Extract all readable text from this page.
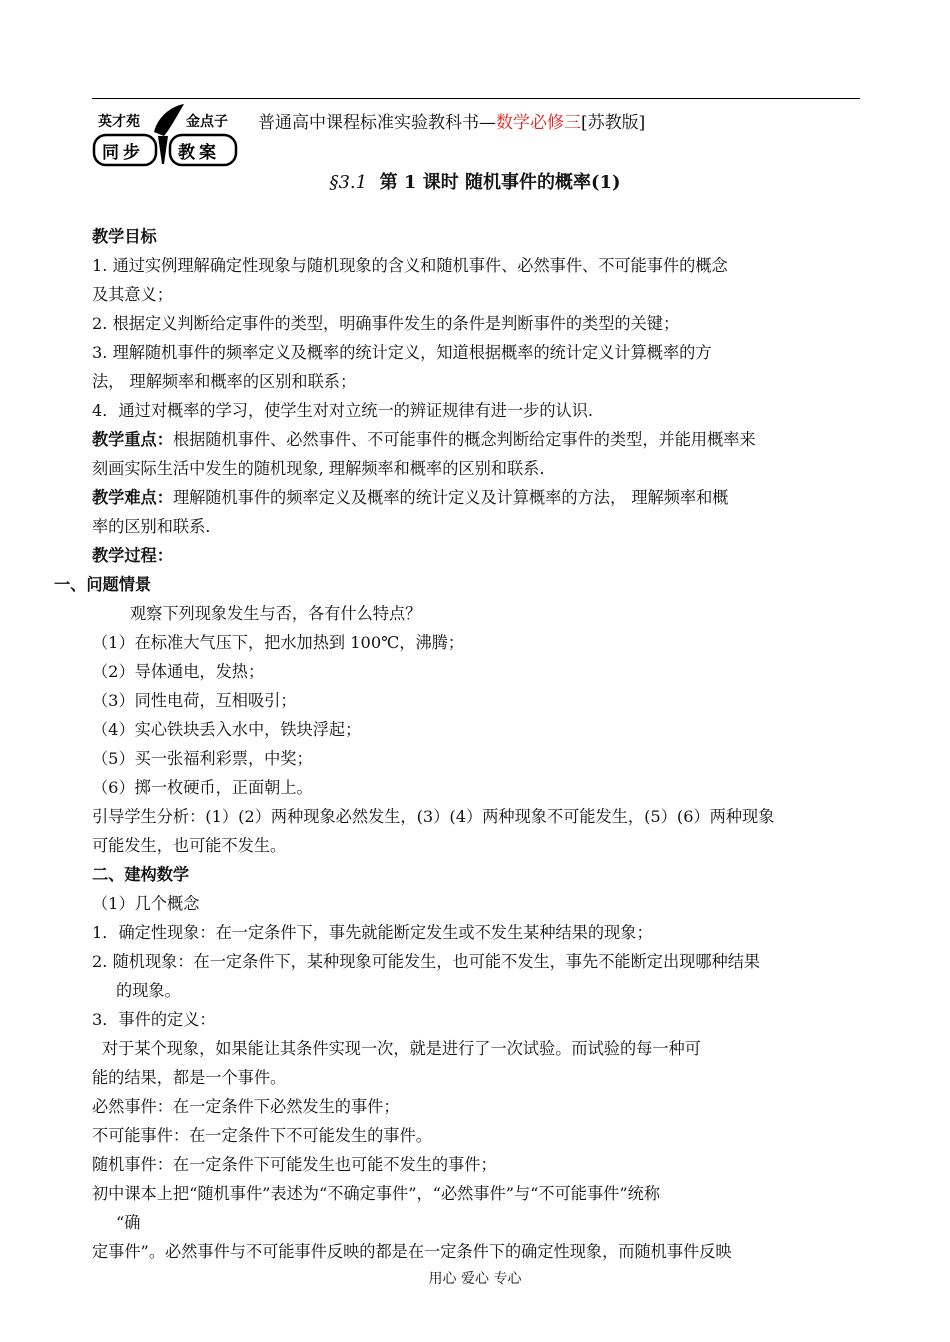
英才苑	金点子
同步 教案
普通高中课程标准实验教科书—数学必修三[苏教版]
§3.1 第 1 课时 随机事件的概率(1)

教学目标

1. 通过实例理解确定性现象与随机现象的含义和随机事件、必然事件、不可能事件的概念

及其意义；

2. 根据定义判断给定事件的类型，明确事件发生的条件是判断事件的类型的关键；

3. 理解随机事件的频率定义及概率的统计定义，知道根据概率的统计定义计算概率的方

法， 理解频率和概率的区别和联系；

4．通过对概率的学习，使学生对对立统一的辨证规律有进一步的认识.

教学重点：根据随机事件、必然事件、不可能事件的概念判断给定事件的类型，并能用概率来

刻画实际生活中发生的随机现象, 理解频率和概率的区别和联系.

教学难点：理解随机事件的频率定义及概率的统计定义及计算概率的方法， 理解频率和概

率的区别和联系.

教学过程：

一、问题情景

观察下列现象发生与否，各有什么特点？

（1）在标准大气压下，把水加热到 100℃，沸腾；

（2）导体通电，发热；

（3）同性电荷，互相吸引；

（4）实心铁块丢入水中，铁块浮起；

（5）买一张福利彩票，中奖；

（6）掷一枚硬币，正面朝上。

引导学生分析：(1）(2）两种现象必然发生，(3）(4）两种现象不可能发生，(5）(6）两种现象

可能发生，也可能不发生。

二、建构数学

（1）几个概念

1．确定性现象：在一定条件下，事先就能断定发生或不发生某种结果的现象；

2. 随机现象：在一定条件下，某种现象可能发生，也可能不发生，事先不能断定出现哪种结果

的现象。

3．事件的定义：

对于某个现象，如果能让其条件实现一次，就是进行了一次试验。而试验的每一种可

能的结果，都是一个事件。

必然事件：在一定条件下必然发生的事件；

不可能事件：在一定条件下不可能发生的事件。

随机事件：在一定条件下可能发生也可能不发生的事件；

初中课本上把“随机事件”表述为“不确定事件”，“必然事件”与“不可能事件”统称

“确

定事件”。必然事件与不可能事件反映的都是在一定条件下的确定性现象，而随机事件反映

用心 爱心 专心
